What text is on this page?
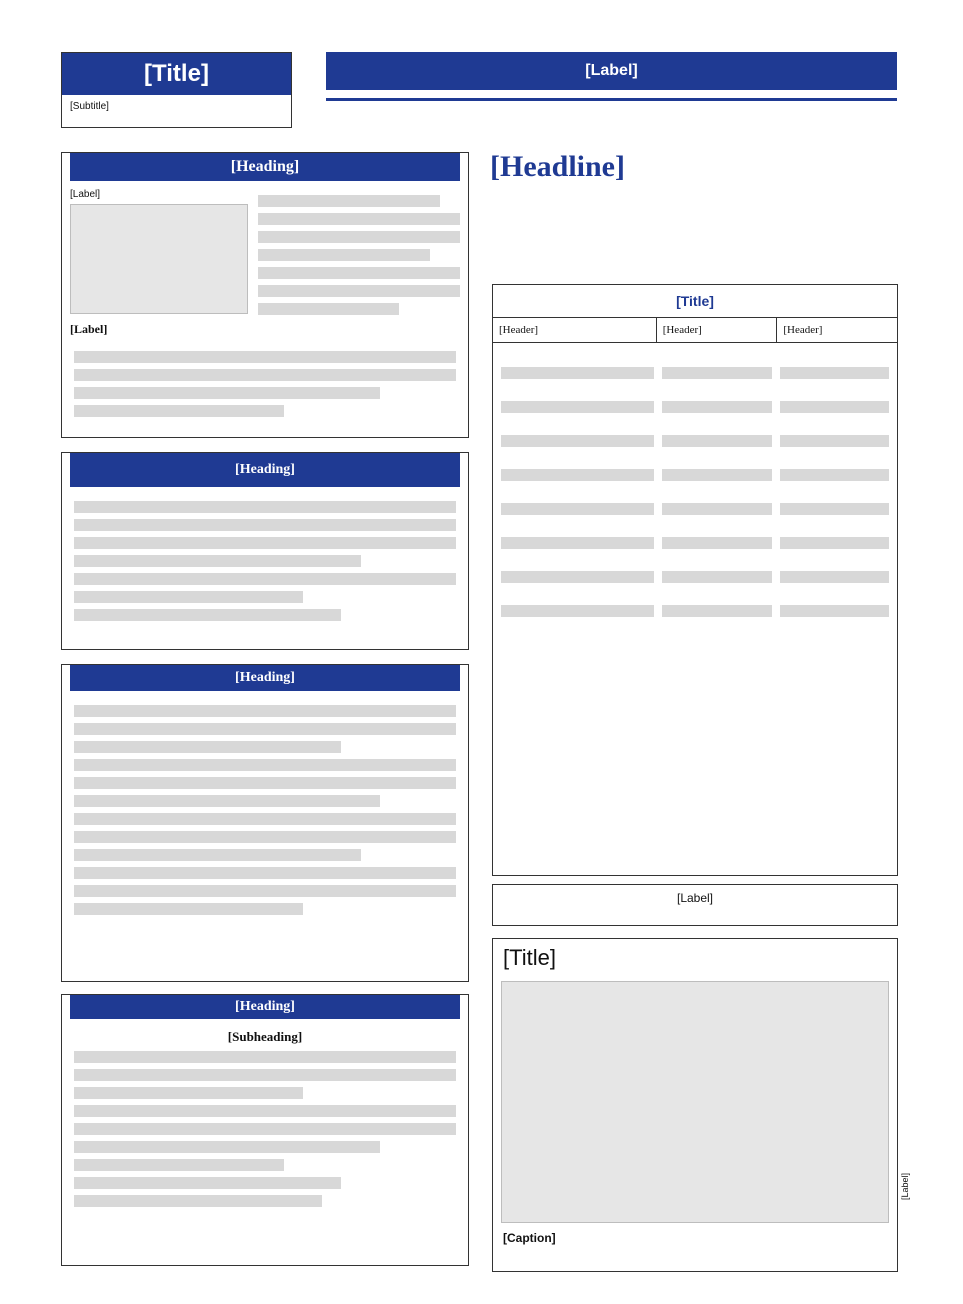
[Title]
[Subtitle]
[Label]
[Heading]
[Label]
[Label]
[Heading]
[Heading]
[Heading]
[Subheading]
[Headline]
[Title]
[Header]	[Header]	[Header]
[Label]
[Title]
[Caption]
[Label]
